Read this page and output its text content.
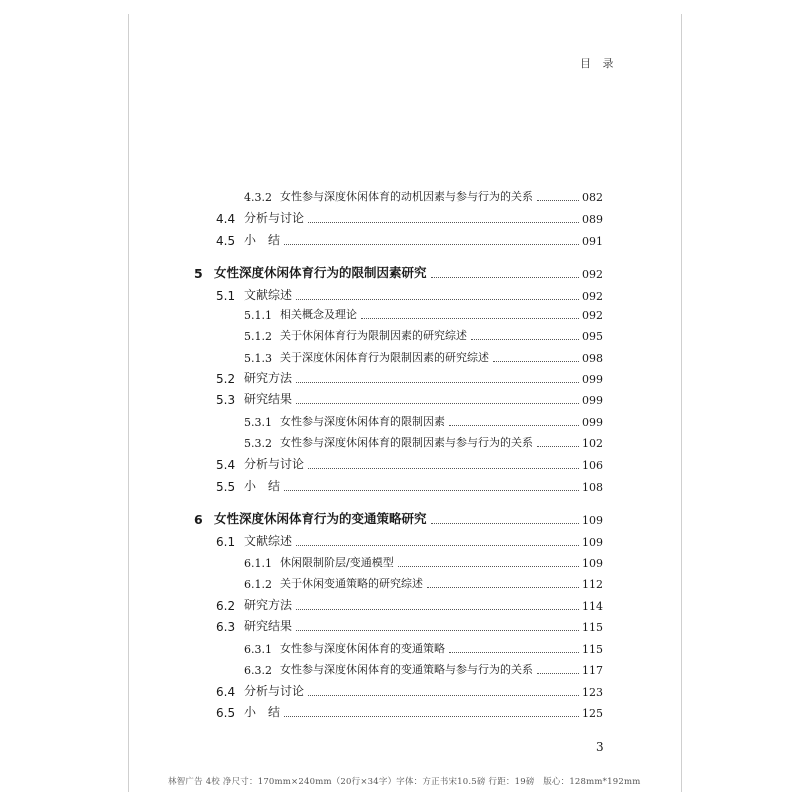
目 录
4.3.2 女性参与深度休闲体育的动机因素与参与行为的关系	082
4.4 分析与讨论	089
4.5 小　结	091
5 女性深度休闲体育行为的限制因素研究	092
5.1 文献综述	092
5.1.1 相关概念及理论	092
5.1.2 关于休闲体育行为限制因素的研究综述	095
5.1.3 关于深度休闲体育行为限制因素的研究综述	098
5.2 研究方法	099
5.3 研究结果	099
5.3.1 女性参与深度休闲体育的限制因素	099
5.3.2 女性参与深度休闲体育的限制因素与参与行为的关系	102
5.4 分析与讨论	106
5.5 小　结	108
6 女性深度休闲体育行为的变通策略研究	109
6.1 文献综述	109
6.1.1 休闲限制阶层/变通模型	109
6.1.2 关于休闲变通策略的研究综述	112
6.2 研究方法	114
6.3 研究结果	115
6.3.1 女性参与深度休闲体育的变通策略	115
6.3.2 女性参与深度休闲体育的变通策略与参与行为的关系	117
6.4 分析与讨论	123
6.5 小　结	125
3
林智广告 4校 净尺寸：170mm×240mm（20行×34字）字体：方正书宋10.5磅 行距：19磅　版心：128mm*192mm
